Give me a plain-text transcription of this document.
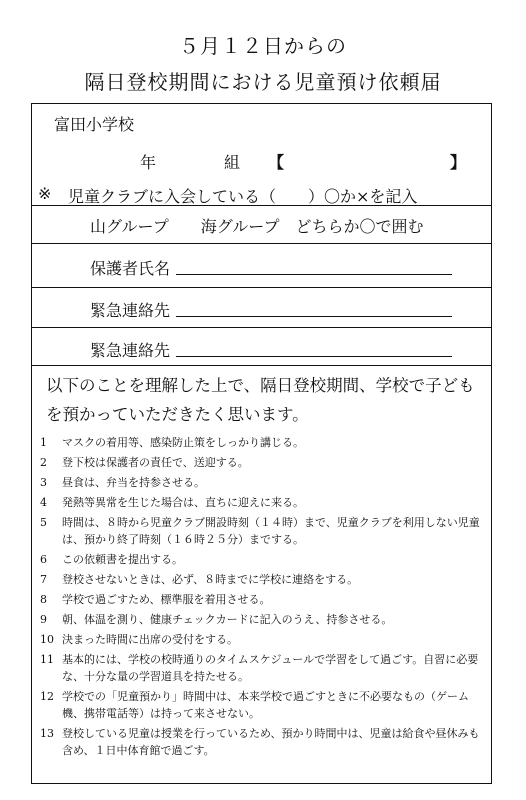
５月１２日からの
隔日登校期間における児童預け依頼届
富田小学校
年	組 【	】
※ 児童クラブに入会している（　　）〇か×を記入
山グループ　　海グループ　どちらか〇で囲む
保護者氏名
緊急連絡先
緊急連絡先
以下のことを理解した上で、隔日登校期間、学校で子ども
を預かっていただきたく思います。
1 マスクの着用等、感染防止策をしっかり講じる。
2 登下校は保護者の責任で、送迎する。
3 昼食は、弁当を持参させる。
4 発熱等異常を生じた場合は、直ちに迎えに来る。
5 時間は、８時から児童クラブ開設時刻（１４時）まで、児童クラブを利用しない児童は、預かり終了時刻（１６時２５分）までする。
6 この依頼書を提出する。
7 登校させないときは、必ず、８時までに学校に連絡をする。
8 学校で過ごすため、標準服を着用させる。
9 朝、体温を測り、健康チェックカードに記入のうえ、持参させる。
10 決まった時間に出席の受付をする。
11 基本的には、学校の校時通りのタイムスケジュールで学習をして過ごす。自習に必要な、十分な量の学習道具を持たせる。
12 学校での「児童預かり」時間中は、本来学校で過ごすときに不必要なもの（ゲーム機、携帯電話等）は持って来させない。
13 登校している児童は授業を行っているため、預かり時間中は、児童は給食や昼休みも含め、１日中体育館で過ごす。
